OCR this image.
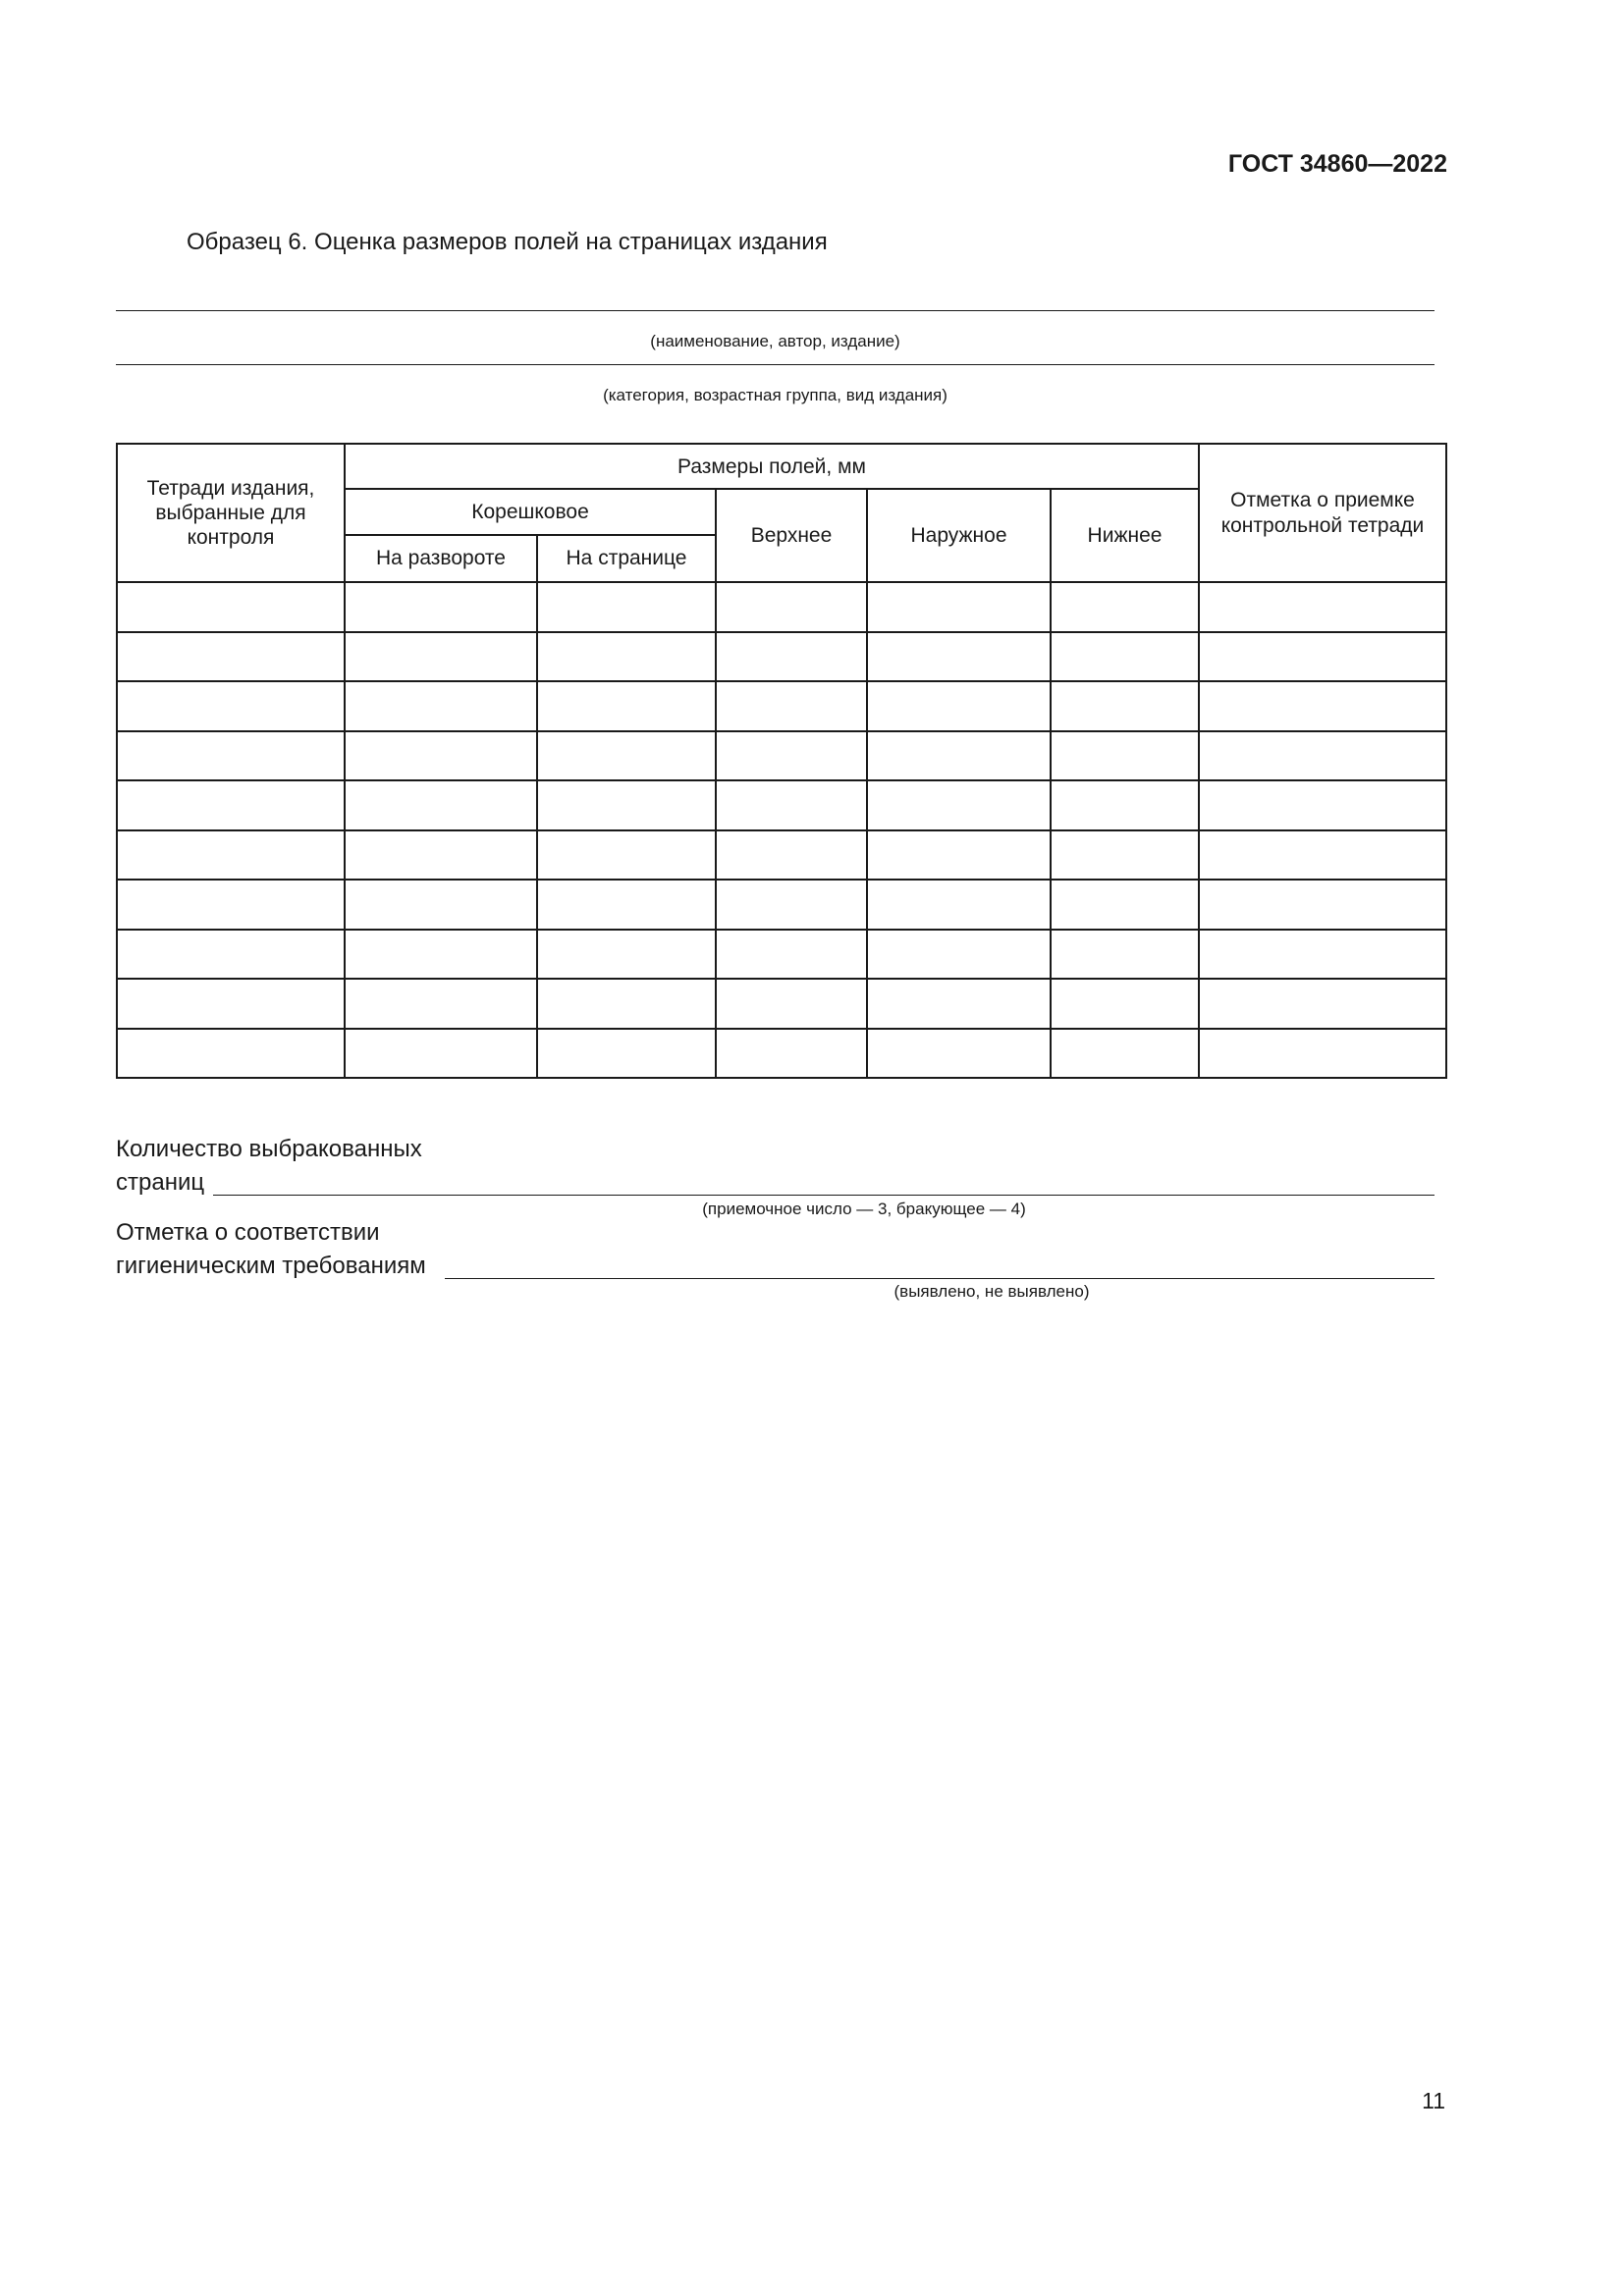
ГОСТ 34860—2022
Образец 6. Оценка размеров полей на страницах издания
(наименование, автор, издание)
(категория, возрастная группа, вид издания)
Тетради издания, выбранные для контроля	Размеры полей, мм					Отметка о приемке контрольной тетради
	Корешковое		Верхнее	Наружное	Нижнее	
	На развороте	На странице				

Количество выбракованных
страниц
(приемочное число — 3, бракующее — 4)
Отметка о соответствии
гигиеническим требованиям
(выявлено, не выявлено)
11
